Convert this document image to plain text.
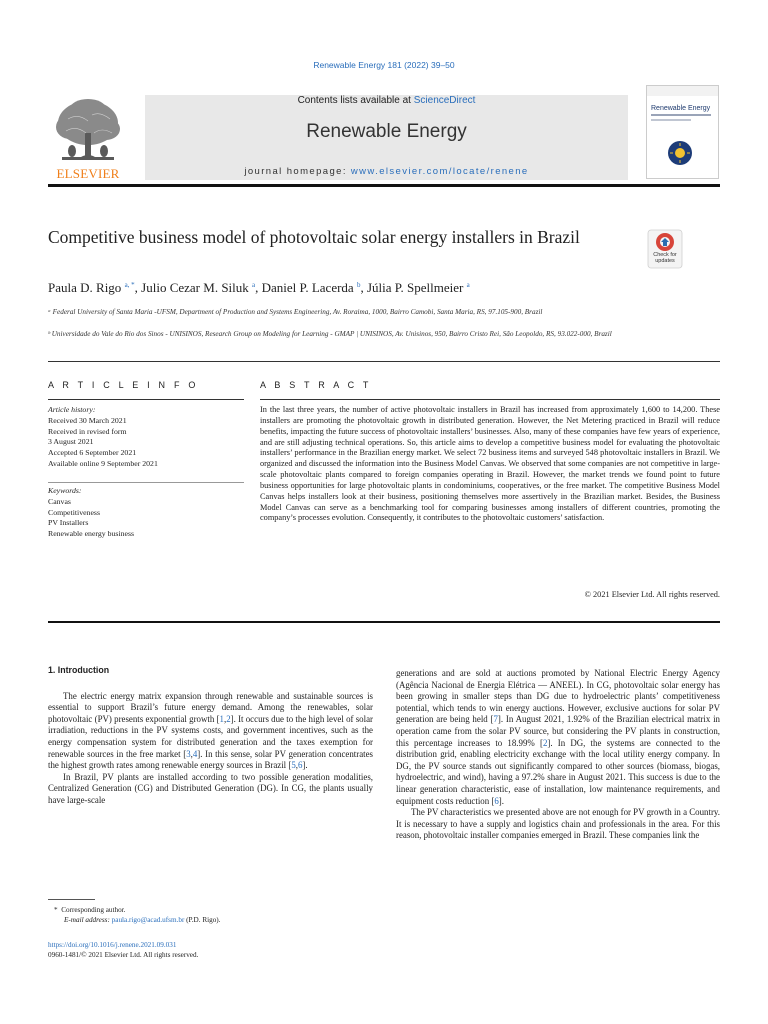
Renewable Energy 181 (2022) 39–50
Contents lists available at ScienceDirect
Renewable Energy
journal homepage: www.elsevier.com/locate/renene
ELSEVIER
Renewable Energy
Competitive business model of photovoltaic solar energy installers in Brazil
Check for updates
Paula D. Rigo $^{a, *}$, Julio Cezar M. Siluk $^a$, Daniel P. Lacerda $^b$, Júlia P. Spellmeier $^a$
ᵃ Federal University of Santa Maria -UFSM, Department of Production and Systems Engineering, Av. Roraima, 1000, Bairro Camobi, Santa Maria, RS, 97.105-900, Brazil
ᵇ Universidade do Vale do Rio dos Sinos - UNISINOS, Research Group on Modeling for Learning - GMAP | UNISINOS, Av. Unisinos, 950, Bairro Cristo Rei, São Leopoldo, RS, 93.022-000, Brazil
A R T I C L E I N F O	A B S T R A C T
Article history:
Received 30 March 2021
Received in revised form
3 August 2021
Accepted 6 September 2021
Available online 9 September 2021
Keywords:
Canvas
Competitiveness
PV Installers
Renewable energy business
In the last three years, the number of active photovoltaic installers in Brazil has increased from approximately 1,600 to 14,200. These installers are promoting the photovoltaic growth in distributed generation. However, the Net Metering practiced in Brazil will reduce benefits, impacting the future success of photovoltaic installers’ businesses. Also, many of these companies have few years of experience, and are still adjusting technical operations. So, this article aims to develop a competitive business model for evaluating the photovoltaic installers’ performance in the Brazilian energy market. We select 72 business items and surveyed 548 photovoltaic installers in Brazil. We organized and discussed the information into the Business Model Canvas. We observed that some companies are not competitive in large-scale photovoltaic plants compared to foreign companies operating in Brazil. However, the market trends we found point to future business opportunities for large photovoltaic plants in condominiums, cooperatives, or the free market. The competitive Business Model Canvas helps installers look at their business, positioning themselves more assertively in the Brazilian market. Besides, the Business Model Canvas can serve as a benchmarking tool for comparing businesses among installers of different countries, promoting the company’s processes evolution. Consequently, it contributes to the photovoltaic customers’ satisfaction.
© 2021 Elsevier Ltd. All rights reserved.
1. Introduction
The electric energy matrix expansion through renewable and sustainable sources is essential to support Brazil’s future energy demand. Among the renewables, solar photovoltaic (PV) presents exponential growth [1,2]. It occurs due to the high level of solar irradiation, reductions in the PV systems costs, and government incentives, such as the energy compensation system for distributed generation and the taxes exemption for renewable sources in the free market [3,4]. In this sense, solar PV generation concentrates the highest growth rates among renewable energy sources in Brazil [5,6].
In Brazil, PV plants are installed according to two possible generation modalities, Centralized Generation (CG) and Distributed Generation (DG). In CG, the plants usually have large-scale
generations and are sold at auctions promoted by National Electric Energy Agency (Agência Nacional de Energia Elétrica — ANEEL). In CG, photovoltaic solar energy has been growing in smaller steps than DG due to hydroelectric plants’ competitiveness potential, which tends to win energy auctions. However, exclusive auctions for solar PV generation are being held [7]. In August 2021, 1.92% of the Brazilian electrical matrix in operation came from the solar PV source, but considering the PV plants in construction, this percentage increases to 18.99% [2]. In DG, the systems are connected to the distribution grid, enabling electricity exchange with the local utility energy company. In DG, the PV source stands out significantly compared to other sources (biomass, biogas, hydroelectric, and wind), having a 97.2% share in August 2021. This success is due to the linear generation characteristic, ease of installation, low maintenance requirements, and equipment costs reduction [6].
The PV characteristics we presented above are not enough for PV growth in a Country. It is necessary to have a supply and logistics chain and professionals in the area. For this reason, photovoltaic installer companies emerged in Brazil. These companies link the
* Corresponding author.
E-mail address: paula.rigo@acad.ufsm.br (P.D. Rigo).
https://doi.org/10.1016/j.renene.2021.09.031
0960-1481/© 2021 Elsevier Ltd. All rights reserved.
